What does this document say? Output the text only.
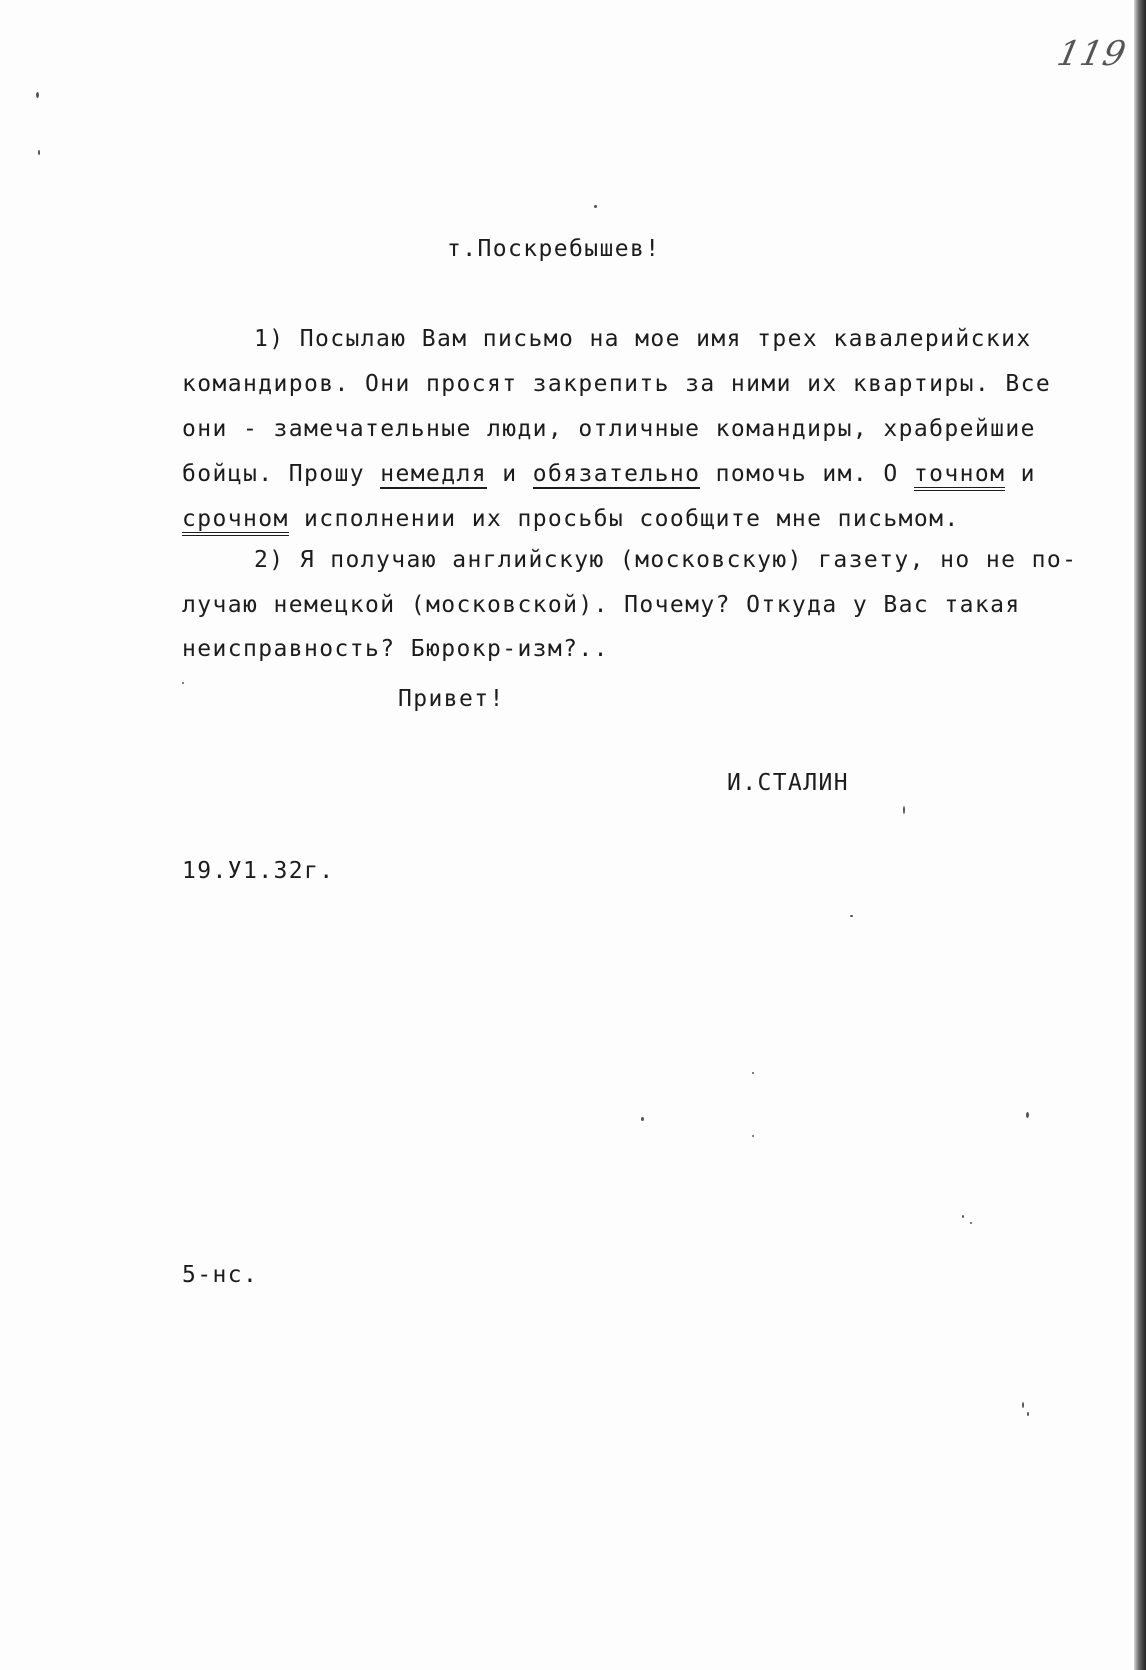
119
т.Поскребышев!
1) Посылаю Вам письмо на мое имя трех кавалерийских
командиров. Они просят закрепить за ними их квартиры. Все
они - замечательные люди, отличные командиры, храбрейшие
бойцы. Прошу немедля и обязательно помочь им. О точном и
срочном исполнении их просьбы сообщите мне письмом.
2) Я получаю английскую (московскую) газету, но не по-
лучаю немецкой (московской). Почему? Откуда у Вас такая
неисправность? Бюрокр-изм?..
Привет!
И.СТАЛИН
19.У1.32г.
5-нс.
